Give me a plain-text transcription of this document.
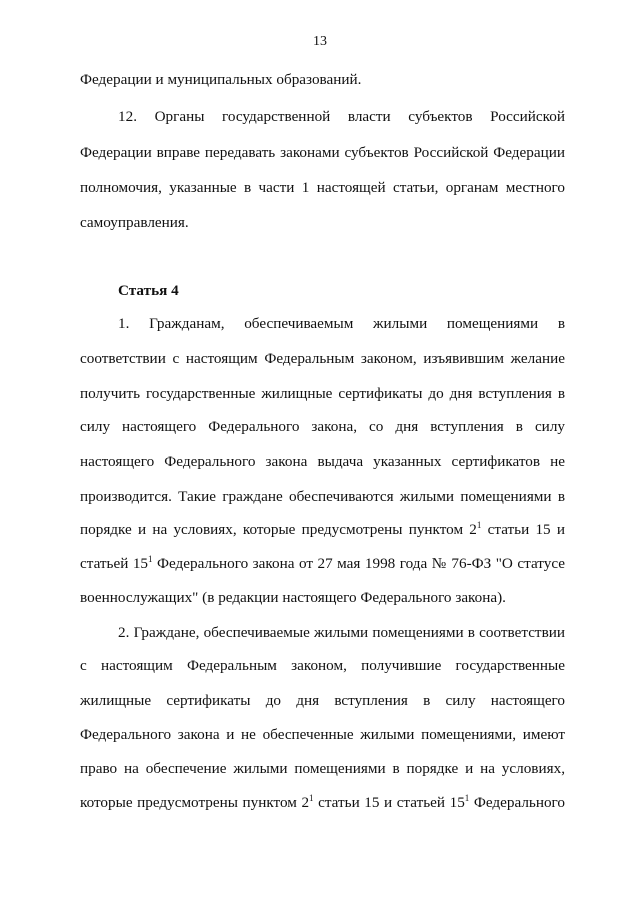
13
Федерации и муниципальных образований.
12. Органы государственной власти субъектов Российской
Федерации вправе передавать законами субъектов Российской Федерации
полномочия, указанные в части 1 настоящей статьи, органам местного
самоуправления.
Статья 4
1. Гражданам, обеспечиваемым жилыми помещениями в
соответствии с настоящим Федеральным законом, изъявившим желание
получить государственные жилищные сертификаты до дня вступления в
силу настоящего Федерального закона, со дня вступления в силу
настоящего Федерального закона выдача указанных сертификатов не
производится. Такие граждане обеспечиваются жилыми помещениями в
порядке и на условиях, которые предусмотрены пунктом $2^1$ статьи 15 и
статьей $15^1$ Федерального закона от 27 мая 1998 года № 76-ФЗ "О статусе
военнослужащих" (в редакции настоящего Федерального закона).
2. Граждане, обеспечиваемые жилыми помещениями в соответствии
с настоящим Федеральным законом, получившие государственные
жилищные сертификаты до дня вступления в силу настоящего
Федерального закона и не обеспеченные жилыми помещениями, имеют
право на обеспечение жилыми помещениями в порядке и на условиях,
которые предусмотрены пунктом $2^1$ статьи 15 и статьей $15^1$ Федерального
